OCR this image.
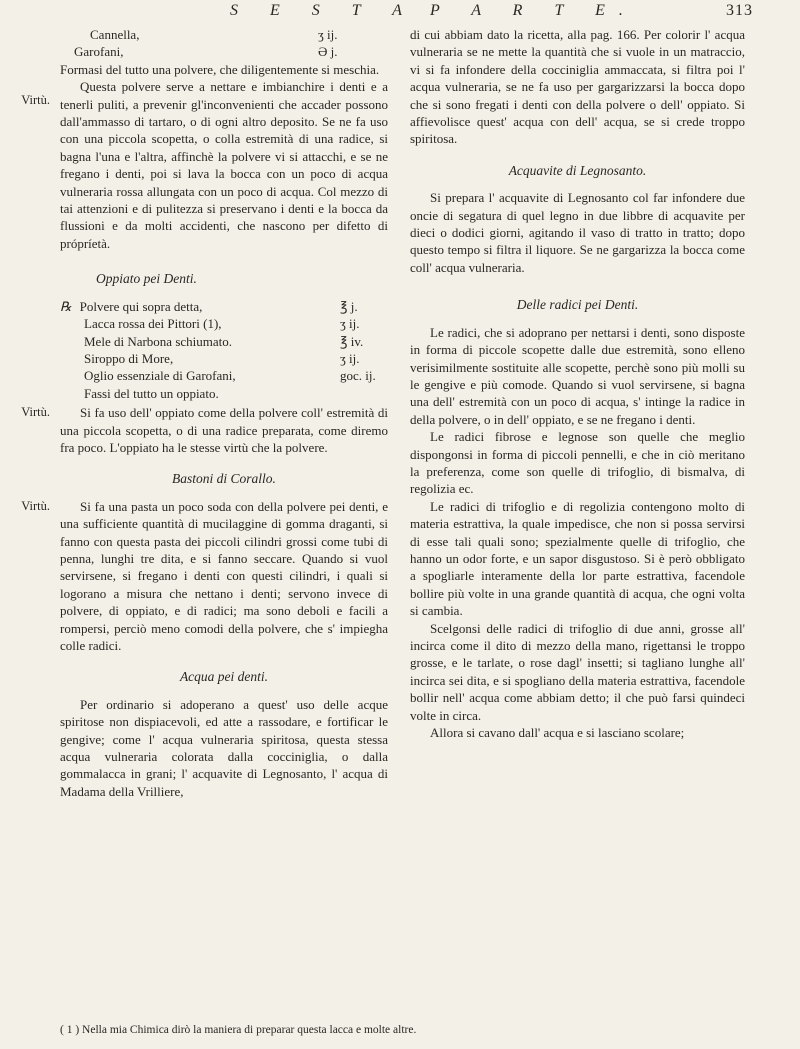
S E S T A P A R T E.	313
Cannella,	ʒ ij.
Garofani,	Ə j.

Formasi del tutto una polvere, che diligentemente si meschia.

Virtù.

Questa polvere serve a nettare e imbianchire i denti e a tenerli puliti, a prevenir gl'inconvenienti che accader possono dall'ammasso di tartaro, o di ogni altro deposito. Se ne fa uso con una piccola scopetta, o colla estremità di una radice, si bagna l'una e l'altra, affinchè la polvere vi si attacchi, e se ne fregano i denti, poi si lava la bocca con un poco di acqua vulneraria rossa allungata con un poco di acqua. Col mezzo di tai attenzioni e di pulitezza si preservano i denti e la bocca da flussioni e da molti accidenti, che nascono per difetto di própríetà.

Oppiato pei Denti.
℞ Polvere qui sopra detta,	℥ j.
Lacca rossa dei Pittori (1),	ʒ ij.
Mele di Narbona schiumato.	℥ iv.
Siroppo di More,	ʒ ij.
Oglio essenziale di Garofani,	goc. ij.
Fassi del tutto un oppiato.
Virtù.	Si fa uso dell' oppiato come della polvere coll' estremità di una piccola scopetta, o di una radice preparata, come diremo fra poco. L'oppiato ha le stesse virtù che la polvere.

Bastoni di Corallo.
Virtù.	Si fa una pasta un poco soda con della polvere pei denti, e una sufficiente quantità di mucilaggine di gomma draganti, si fanno con questa pasta dei piccoli cilindri grossi come tubi di penna, lunghi tre dita, e si fanno seccare. Quando si vuol servirsene, si fregano i denti con questi cilindri, i quali si logorano a misura che nettano i denti; servono invece di polvere, di oppiato, e di radici; ma sono deboli e facili a rompersi, perciò meno comodi della polvere, che s' impiegha colle radici.

Acqua pei denti.

Per ordinario si adoperano a quest' uso delle acque spiritose non dispiacevoli, ed atte a rassodare, e fortificar le gengive; come l' acqua vulneraria spiritosa, questa stessa acqua vulneraria colorata dalla cocciniglia, o dalla gommalacca in grani; l' acquavite di Legnosanto, l' acqua di Madama della Vrilliere,

di cui abbiam dato la ricetta, alla pag. 166. Per colorir l' acqua vulneraria se ne mette la quantità che si vuole in un matraccio, vi si fa infondere della cocciniglia ammaccata, si filtra poi l' acqua vulneraria, se ne fa uso per gargarizzarsi la bocca dopo che si sono fregati i denti con della polvere o dell' oppiato. Si affievolisce quest' acqua con dell' acqua, se si crede troppo spiritosa.

Acquavite di Legnosanto.

Si prepara l' acquavite di Legnosanto col far infondere due oncie di segatura di quel legno in due libbre di acquavite per dieci o dodici giorni, agitando il vaso di tratto in tratto; dopo questo tempo si filtra il liquore. Se ne gargarizza la bocca come coll' acqua vulneraria.

Delle radici pei Denti.

Le radici, che si adoprano per nettarsi i denti, sono disposte in forma di piccole scopette dalle due estremità, sono elleno verisimilmente sostituite alle scopette, perchè sono più molli su le gengive e più comode. Quando si vuol servirsene, si bagna una dell' estremità con un poco di acqua, s' intinge la radice in della polvere, o in dell' oppiato, e se ne fregano i denti.

Le radici fibrose e legnose son quelle che meglio dispongonsi in forma di piccoli pennelli, e che in ciò meritano la preferenza, come son quelle di trifoglio, di bismalva, di regolizia ec.

Le radici di trifoglio e di regolizia contengono molto di materia estrattiva, la quale impedisce, che non si possa servirsi di esse tali quali sono; spezialmente quelle di trifoglio, che hanno un odor forte, e un sapor disgustoso. Si è però obbligato a spogliarle interamente della lor parte estrattiva, facendole bollire più volte in una grande quantità di acqua, che ogni volta si cambia.

Scelgonsi delle radici di trifoglio di due anni, grosse all' incirca come il dito di mezzo della mano, rigettansi le troppo grosse, e le tarlate, o rose dagl' insetti; si tagliano lunghe all' incirca sei dita, e si spogliano della materia estrattiva, facendole bollir nell' acqua come abbiam detto; il che può farsi quindeci volte in circa.

Allora si cavano dall' acqua e si lasciano scolare;

( 1 ) Nella mia Chimica dirò la maniera di preparar questa lacca e molte altre.
